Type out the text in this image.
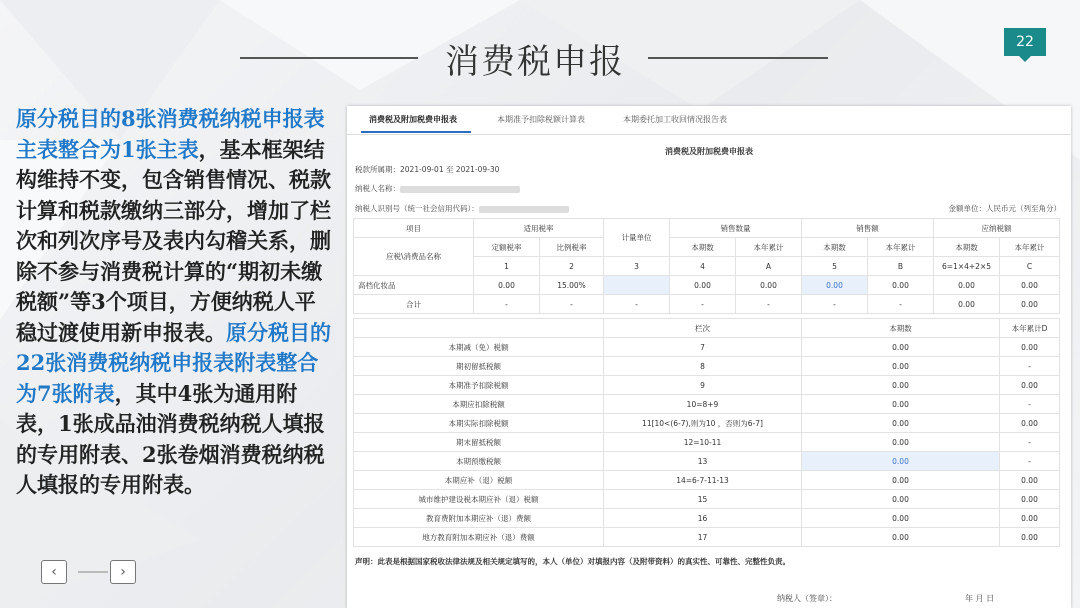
消费税申报	22
原分税目的8张消费税纳税申报表主表整合为1张主表，基本框架结构维持不变，包含销售情况、税款计算和税款缴纳三部分，增加了栏次和列次序号及表内勾稽关系，删除不参与消费税计算的“期初未缴税额”等3个项目，方便纳税人平稳过渡使用新申报表。原分税目的22张消费税纳税申报表附表整合为7张附表，其中4张为通用附表，1张成品油消费税纳税人填报的专用附表、2张卷烟消费税纳税人填报的专用附表。
‹	›
消费税及附加税费申报表	本期准予扣除税额计算表	本期委托加工收回情况报告表
消费税及附加税费申报表
税款所属期：2021-09-01 至 2021-09-30
纳税人名称：
纳税人识别号（统一社会信用代码）：	金额单位：人民币元（列至角分）
项目	适用税率		计量单位	销售数量		销售额		应纳税额	
应税\消费品名称	定额税率	比例税率		本期数	本年累计	本期数	本年累计	本期数	本年累计
	1	2	3	4	A	5	B	6=1×4+2×5	C
高档化妆品	0.00	15.00%		0.00	0.00	0.00	0.00	0.00	0.00
合计	-	-	-	-	-	-	-	0.00	0.00
	栏次	本期数	本年累计D
本期减（免）税额	7	0.00	0.00
期初留抵税额	8	0.00	-
本期准予扣除税额	9	0.00	0.00
本期应扣除税额	10=8+9	0.00	-
本期实际扣除税额	11[10<(6-7),则为10 ，否则为6-7]	0.00	0.00
期末留抵税额	12=10-11	0.00	-
本期预缴税额	13	0.00	-
本期应补（退）税额	14=6-7-11-13	0.00	0.00
城市维护建设税本期应补（退）税额	15	0.00	0.00
教育费附加本期应补（退）费额	16	0.00	0.00
地方教育附加本期应补（退）费额	17	0.00	0.00
声明：此表是根据国家税收法律法规及相关规定填写的，本人（单位）对填报内容（及附带资料）的真实性、可靠性、完整性负责。
纳税人（签章）：	年 月 日
